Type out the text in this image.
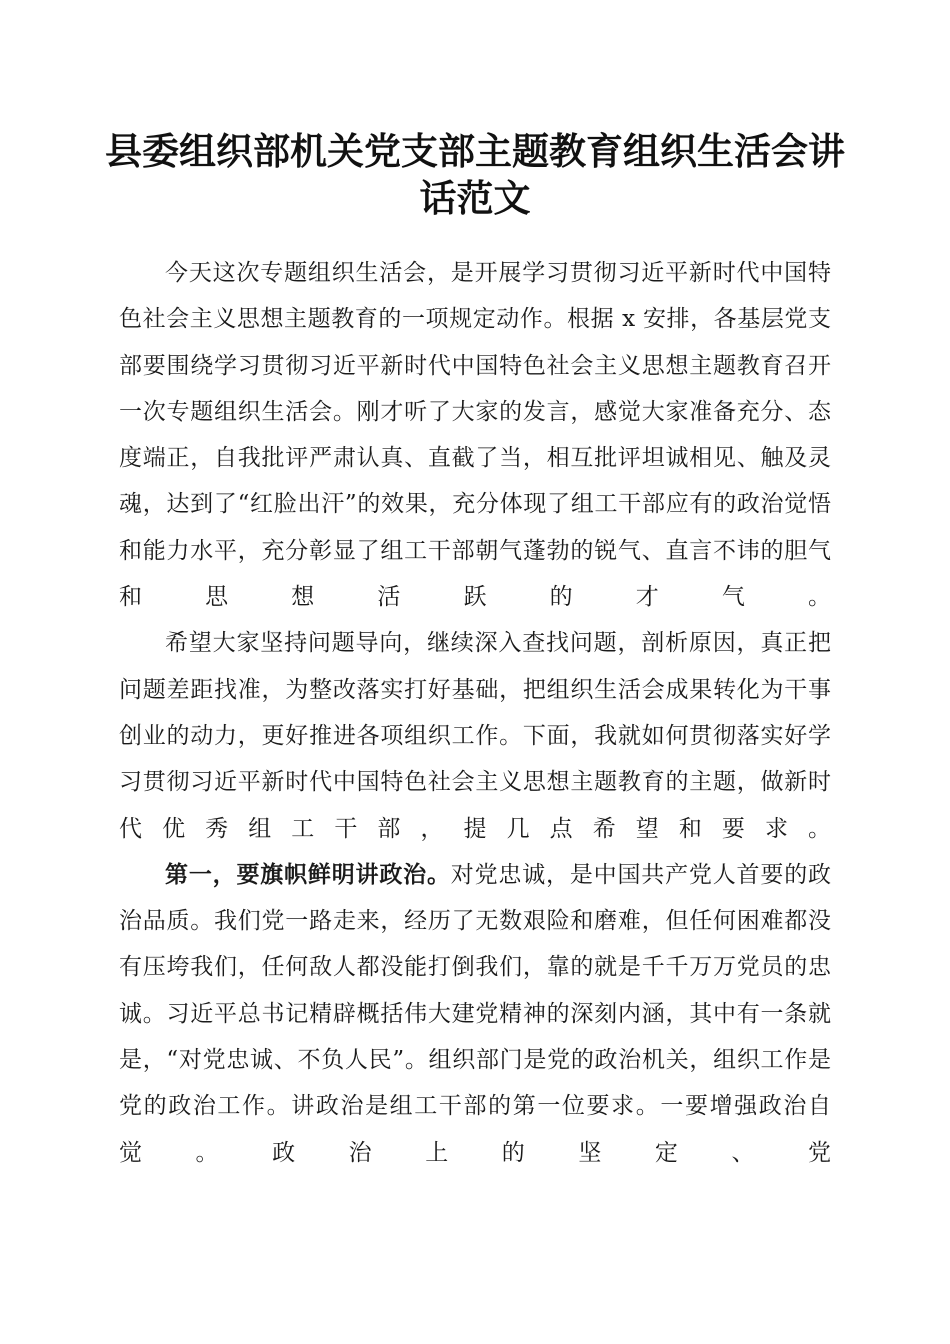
县委组织部机关党支部主题教育组织生活会讲话范文

今天这次专题组织生活会，是开展学习贯彻习近平新时代中国特色社会主义思想主题教育的一项规定动作。根据 x 安排，各基层党支部要围绕学习贯彻习近平新时代中国特色社会主义思想主题教育召开一次专题组织生活会。刚才听了大家的发言，感觉大家准备充分、态度端正，自我批评严肃认真、直截了当，相互批评坦诚相见、触及灵魂，达到了“红脸出汗”的效果，充分体现了组工干部应有的政治觉悟和能力水平，充分彰显了组工干部朝气蓬勃的锐气、直言不讳的胆气和思想活跃的才气。

希望大家坚持问题导向，继续深入查找问题，剖析原因，真正把问题差距找准，为整改落实打好基础，把组织生活会成果转化为干事创业的动力，更好推进各项组织工作。下面，我就如何贯彻落实好学习贯彻习近平新时代中国特色社会主义思想主题教育的主题，做新时代优秀组工干部，提几点希望和要求。

第一，要旗帜鲜明讲政治。对党忠诚，是中国共产党人首要的政治品质。我们党一路走来，经历了无数艰险和磨难，但任何困难都没有压垮我们，任何敌人都没能打倒我们，靠的就是千千万万党员的忠诚。习近平总书记精辟概括伟大建党精神的深刻内涵，其中有一条就是，“对党忠诚、不负人民”。组织部门是党的政治机关，组织工作是党的政治工作。讲政治是组工干部的第一位要求。一要增强政治自觉。政治上的坚定、党
